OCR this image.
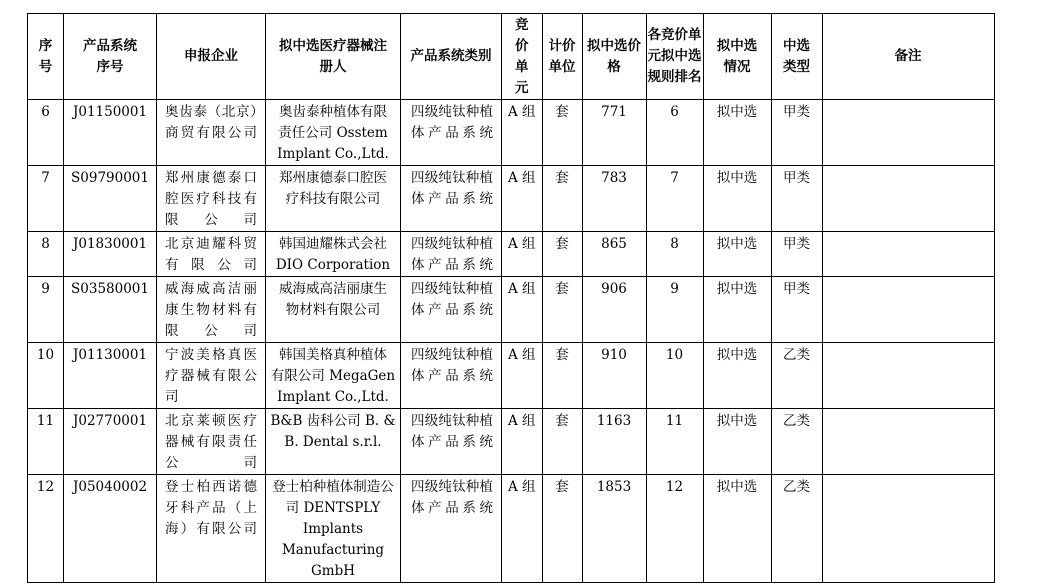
序号	产品系统序号	申报企业	拟中选医疗器械注册人	产品系统类别	竞价单元	计价单位	拟中选价格	各竞价单元拟中选规则排名	拟中选情况	中选类型	备注
6	J01150001	奥齿泰（北京）商贸有限公司	奥齿泰种植体有限
责任公司 Osstem
Implant Co.,Ltd.	四级纯钛种植体产品系统	A 组	套	771	6	拟中选	甲类	
7	S09790001	郑州康德泰口腔医疗科技有限公司	郑州康德泰口腔医
疗科技有限公司	四级纯钛种植体产品系统	A 组	套	783	7	拟中选	甲类	
8	J01830001	北京迪耀科贸有限公司	韩国迪耀株式会社
DIO Corporation	四级纯钛种植体产品系统	A 组	套	865	8	拟中选	甲类	
9	S03580001	威海威高洁丽康生物材料有限公司	威海威高洁丽康生
物材料有限公司	四级纯钛种植体产品系统	A 组	套	906	9	拟中选	甲类	
10	J01130001	宁波美格真医疗器械有限公司	韩国美格真种植体
有限公司 MegaGen
Implant Co.,Ltd.	四级纯钛种植体产品系统	A 组	套	910	10	拟中选	乙类	
11	J02770001	北京莱顿医疗器械有限责任公司	B&B 齿科公司 B. &
B. Dental s.r.l.	四级纯钛种植体产品系统	A 组	套	1163	11	拟中选	乙类	
12	J05040002	登士柏西诺德牙科产品（上海）有限公司	登士柏种植体制造公
司 DENTSPLY
Implants
Manufacturing GmbH	四级纯钛种植体产品系统	A 组	套	1853	12	拟中选	乙类	
